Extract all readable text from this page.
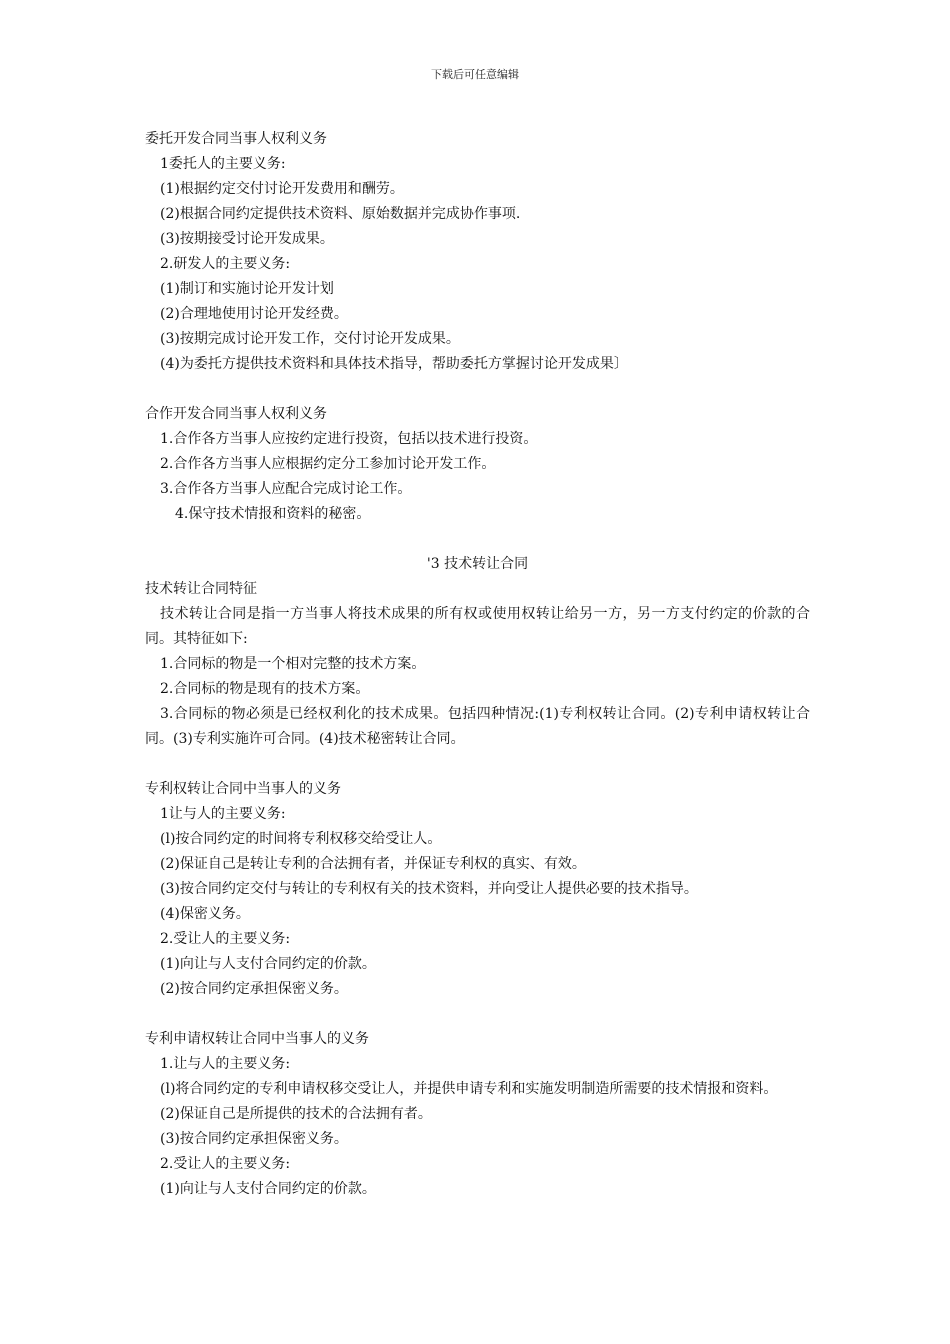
下载后可任意编辑
委托开发合同当事人权利义务
1委托人的主要义务:
(1)根据约定交付讨论开发费用和酬劳。
(2)根据合同约定提供技术资料、原始数据并完成协作事项.
(3)按期接受讨论开发成果。
2.研发人的主要义务:
(1)制订和实施讨论开发计划
(2)合理地使用讨论开发经费。
(3)按期完成讨论开发工作，交付讨论开发成果。
(4)为委托方提供技术资料和具体技术指导，帮助委托方掌握讨论开发成果〕
合作开发合同当事人权利义务
1.合作各方当事人应按约定进行投资，包括以技术进行投资。
2.合作各方当事人应根据约定分工参加讨论开发工作。
3.合作各方当事人应配合完成讨论工作。
4.保守技术情报和资料的秘密。
'3 技术转让合同
技术转让合同特征
技术转让合同是指一方当事人将技术成果的所有权或使用权转让给另一方，另一方支付约定的价款的合同。其特征如下:
1.合同标的物是一个相对完整的技术方案。
2.合同标的物是现有的技术方案。
3.合同标的物必须是已经权利化的技术成果。包括四种情况:(1)专利权转让合同。(2)专利申请权转让合同。(3)专利实施许可合同。(4)技术秘密转让合同。
专利权转让合同中当事人的义务
1让与人的主要义务:
(l)按合同约定的时间将专利权移交给受让人。
(2)保证自己是转让专利的合法拥有者，并保证专利权的真实、有效。
(3)按合同约定交付与转让的专利权有关的技术资料，并向受让人提供必要的技术指导。
(4)保密义务。
2.受让人的主要义务:
(1)向让与人支付合同约定的价款。
(2)按合同约定承担保密义务。
专利申请权转让合同中当事人的义务
1.让与人的主要义务:
(l)将合同约定的专利申请权移交受让人，并提供申请专利和实施发明制造所需要的技术情报和资料。
(2)保证自己是所提供的技术的合法拥有者。
(3)按合同约定承担保密义务。
2.受让人的主要义务:
(1)向让与人支付合同约定的价款。
